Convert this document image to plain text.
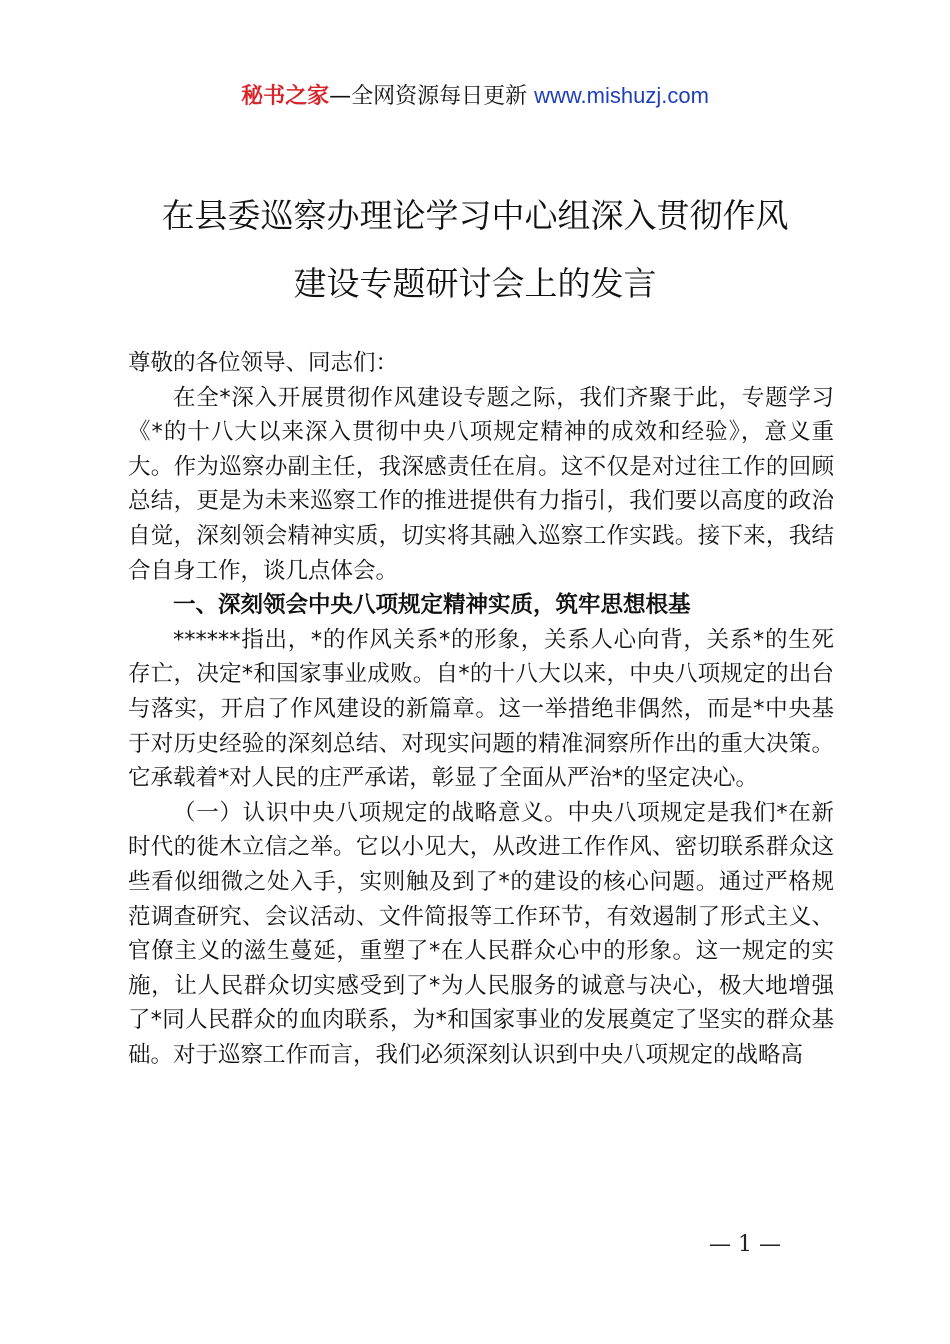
秘书之家—全网资源每日更新 www.mishuzj.com
在县委巡察办理论学习中心组深入贯彻作风
建设专题研讨会上的发言

尊敬的各位领导、同志们：

在全*深入开展贯彻作风建设专题之际，我们齐聚于此，专题学习《*的十八大以来深入贯彻中央八项规定精神的成效和经验》，意义重大。作为巡察办副主任，我深感责任在肩。这不仅是对过往工作的回顾总结，更是为未来巡察工作的推进提供有力指引，我们要以高度的政治自觉，深刻领会精神实质，切实将其融入巡察工作实践。接下来，我结合自身工作，谈几点体会。

一、深刻领会中央八项规定精神实质，筑牢思想根基

******指出，*的作风关系*的形象，关系人心向背，关系*的生死存亡，决定*和国家事业成败。自*的十八大以来，中央八项规定的出台与落实，开启了作风建设的新篇章。这一举措绝非偶然，而是*中央基于对历史经验的深刻总结、对现实问题的精准洞察所作出的重大决策。它承载着*对人民的庄严承诺，彰显了全面从严治*的坚定决心。

（一）认识中央八项规定的战略意义。中央八项规定是我们*在新时代的徙木立信之举。它以小见大，从改进工作作风、密切联系群众这些看似细微之处入手，实则触及到了*的建设的核心问题。通过严格规范调查研究、会议活动、文件简报等工作环节，有效遏制了形式主义、官僚主义的滋生蔓延，重塑了*在人民群众心中的形象。这一规定的实施，让人民群众切实感受到了*为人民服务的诚意与决心，极大地增强了*同人民群众的血肉联系，为*和国家事业的发展奠定了坚实的群众基础。对于巡察工作而言，我们必须深刻认识到中央八项规定的战略高

— 1 —
